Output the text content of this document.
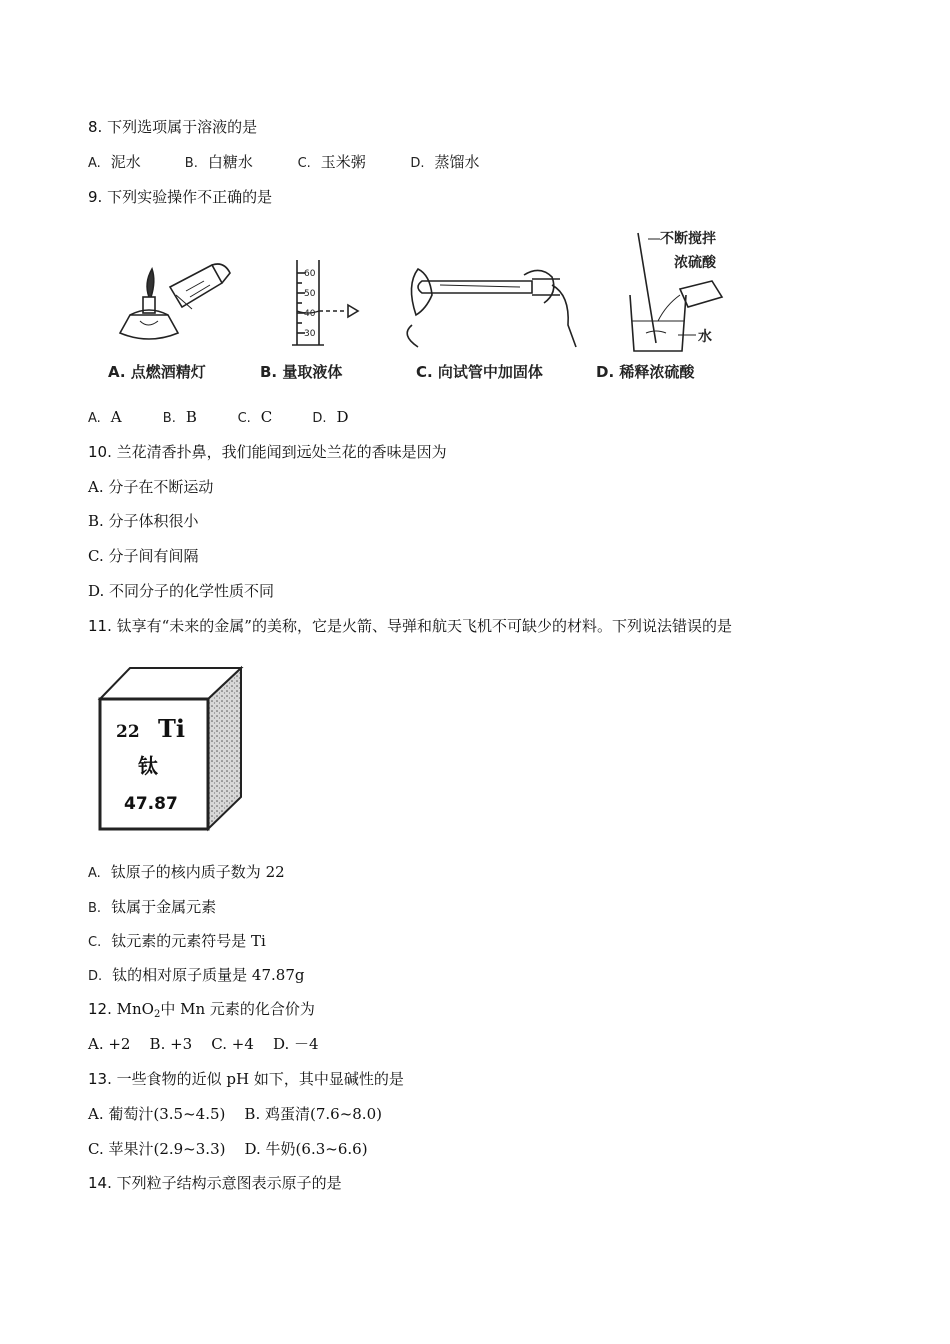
8. 下列选项属于溶液的是
A. 泥水	B. 白糖水	C. 玉米粥	D. 蒸馏水
9. 下列实验操作不正确的是
A. 点燃酒精灯
60
50
40
30
B. 量取液体	C. 向试管中加固体
不断搅拌
浓硫酸
水
D. 稀释浓硫酸
A. A	B. B	C. C	D. D
10. 兰花清香扑鼻，我们能闻到远处兰花的香味是因为
A. 分子在不断运动
B. 分子体积很小
C. 分子间有间隔
D. 不同分子的化学性质不同
11. 钛享有“未来的金属”的美称，它是火箭、导弹和航天飞机不可缺少的材料。下列说法错误的是
22 Ti
钛
47.87
A. 钛原子的核内质子数为 22
B. 钛属于金属元素
C. 钛元素的元素符号是 Ti
D. 钛的相对原子质量是 47.87g
12. MnO$_2$中 Mn 元素的化合价为
A. +2    B. +3    C. +4    D. －4
13. 一些食物的近似 pH 如下，其中显碱性的是
A. 葡萄汁(3.5~4.5)    B. 鸡蛋清(7.6~8.0)
C. 苹果汁(2.9~3.3)    D. 牛奶(6.3~6.6)
14. 下列粒子结构示意图表示原子的是
